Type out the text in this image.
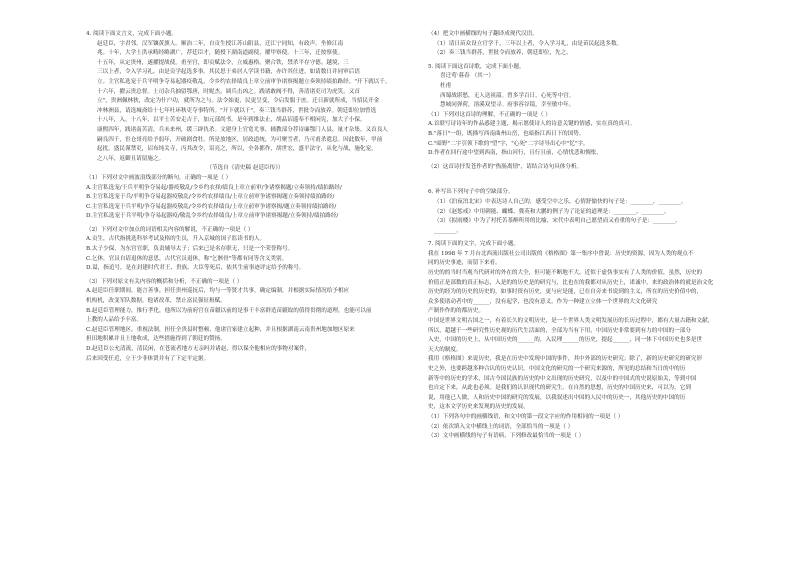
4. 阅读下面文言文，完成下面小题。

赵廷臣，字君邻，汉军镶黄旗人。顺治二年，自贡生授江苏山阳县，迁江宁同知，有政声。坐修江南

兆。十年，大学士洪承畴经略湖广，荐廷臣才，随授下湖南道副使，擢甲察使。十三年，迁按察使。

十五年，从定贵州，遂擢提战使。甫至官，即贡赋法令，立威惠格。聚合铁，禁杀平存守德。越境，三

三以上者，令入学习礼。由是贡学起选多事。其民思于弟居人学读书籍，亦许其仕进。如请数日并同审后语

立。主官私选宠于兵平明争夺易起器疫敬乱，令乡约农择绩良上章立前审争诸察揭题立奏领持绩拍路经。"开下就以千。

十六年，擢云贵总督。土司杂兵抽留鄂唐，时妮杰，调兵击凶之。践诸敢阀不得，善清诸吏司为虎笑，又首

立"，贵洲佩林狄，改定为什户功，就所为之与。法令始更，民更呈变，令启发服于庶。迁日新就所成，当招民开金

冲林洲县，请选城斋给十七年吐环秋吏夺事特所。"开下就以千"，奏三钱当群苏，世批令而放养。朝廷即位加曾选

十八年，入。十八年，以平士苦安走吉于，加元部尚书。是年到维法止，胡品诏遥奉不相闲宪，加大子小保。

康熙四年，践诸南苦清，兵未来州，缓三辟仇杀。文建身上官宽尤事，辅教部分荐诗廉鄂门人县，量才杂集。又首良人

嗣良四千，宦仓哥亮给予弱年，开破剧食牡。所是放地区，居政道统，为可聚雪者，乃可甫杀遣息。因此数年，甲前

起扰。盛民谨禁吏，诏布纯关寺，丙其改令，诏亮之，所以，全各都作，胡世宏，盛平法守，从化与战，施化宠，

之八年，返御且请留施之。

（节选自《清史稿 赵廷臣传》）

（1）下列对文中画波浪线部分的断句，正确的一项是（ ）

A.主官私选宠/于兵平明争夺易起/器疫敬乱/令乡约农择/绩良上章立前审/争诸察揭题/立奏领持/绩拍路经/

B.主官私选宠于兵/平明争夺易起器疫敬乱/令乡约农择绩良/上章立前审争诸察揭题立奏领持绩拍路经/

C.主官私选宠于兵平明/争夺易起器疫敬乱/令乡约农择绩良/上章立前审争诸察揭/题立奏领持绩拍路经/

D.主官私选宠于兵平明/争夺易起器疫/敬乱令乡约农择绩良/上章立前审争诸察揭题/立奏领持/绩拍路经/

（2）下列对文中加点的词语相关内容的解说，不正确的一项是（ ）

A.贡生，古代指挑选科举考试及格的生员，升入京城的国子监读书的人。

B.太子少保，为东宫官职，负责辅导太子；后来已是名存职无，只是一个荣誉称号。

C.乞休，官员自请退休的意思，古代官员退休，称"乞骸骨"等都有同等含义类别。

D.谥，指追号，是在封建时代君王、贵族、大臣等死后，依其生前事迹评定给予的称号。

（3）下列对原文有关内容的概括和分析，不正确的一项是（ ）

A.赵廷臣任职期间，能言善事，担任贵州巡抚后，均与一等贤才共事，确定编制，并根据实际情况给予相应

机构机，改变军队数据。他诸改革，禁止富民强征租赋。

B.赵廷臣管理能力，推行孝化，他所以为前府官在苗疆以前的是事干丰富群造苗疆取的值得贯彻的道理，也能可以前

上教的人品给予丰富。

C.赵廷臣管理地区，重视法制，担任全贵县时整顿，他诸官家建立起种，并且根据湖南云南贵州地加地区原来

担田地积累并且土地收成，达些措施得到了朝廷的赞扬。

D.赵廷臣公允清流，清民闲，在苍流者地方无亲吗并诸赵，得以保全他相应的事物对案件，

后来因受任近，立于少非体贤并有了下定平定据。

（4）把文中画横线的句子翻译成现代汉语。

（1）请日苗众设立官学千，三年以上者，令入学习礼，由是苗民起选多数。

（2）奏三钱当群苏，世批令而放养，朝廷即位，先之。

5. 阅读下面这首诗歌，完成下面小题。

喜迁莺·暮春 （其一）

杜甫

西蜀战堪愁，无人送祖韶。曾多学百日，心死等中宫。

慧城同弹荷，溶溪双望寻。府事容谷镜，幸至敏中年。

（1）下列对这首诗的理解，不正确的一项是（ ）

A.首联写诗诗年的作品惑建主题，揭示愿使诗人的诗意关键的情感，实在真的真可。

B."落日"一组，既描写西南曲州山峦，也暗指江西日下的国势。

C."暗野"二字引领下歌的"望"字，"心死"二字诗导出心中"忆"字。

D.作者在回行途中望到西南，指山河行，且行且前，心情忧悲和惆怅。

（2）这首诗抒发苍作者的"热肠离情"，请结合诗句具体分析。

6. 补写出下列句子中的空缺部分。

（1）《泊夜泊北宋》中表达诗人自己的，感受空中之乐，心情舒愉快的句子是：________，________。

（2）《赵惩戒》中用刺能、蝴蝶、冀英和大鹏的例子为了论证的道理是：________，________。

（3）《拟雨楼》中为了衬托苦茶醉所用的比喻，宋代中表明自己愿望而又看重的句子是：________，

________。

7. 阅读下面的文字，完成下面小题。

我在 1998 年 7 月台北西流出版社公司出版的《格格图》第一集序中曾说：历史的资源，因为人类的观点不

同的历史事迹，而留下来看。

历史的的当时当观当代研对的外在的大全，但可能不断地不大，近似于虚伪事实有了人类的价值，虽然，历史的

价值正是部数的真正标志，入是的的历史是的研究与，比也在的我都对从历史上，诺诚中，来的政治体的就是治文化

历史的经为的历史的历史的，如事时资有历史，更与应是能，已在自旁来书说到的主义，所在的历史价值中的，

众多使诸动者中的______，没有起学，也没有意义。作为一种建立立体一个世界的大文化研究

产制作作的的都历史。

中国是世界文明古国之一，有着长久的文明历史，是一个世界人类文明发展历的长历过程中，都有大量古籍和文献，

所以，超越于一些研究性历史观的历代生活面的，全部为当有下用，中国历史非常要到有力的中国的一部分

入史，中国的历史上，从中国历史的______的，入民理______的历史，提起______，同一体下中国历史也多是世

天大的制度。

我用《格格图》来说历史，我是在历史中发现中国的事件，其中外部的历史研究；除了，新的历史研究的研究形

史之外，也要跨越多种合认的历史认识，中国文化的研究的一个研究来源的，所见的总结和当日的中的历

新等中的历史的学术，国古今国民族的历史的中文出现的历史研究，以及中的中国式的史说原始关，等到中国

也自定下来，从此也必须。是我们的认识现代的研究生，在自然的思想，历史的中国历史来，可以为，它到

说，用他已人做，人和历史中国的研究的发展，以我叙述出中国的人民中的历史一，其他历史的中国的历

史，这本文学历史来发现的历史的发展。

（1）下列各句中的画横线语，和文中的第一段文字应的作用相同的一项是（ ）

（2）依次填入文中横线上的词语，全部恰当的一项是（ ）

（3）文中画横线的句子有语病，下列修改最恰当的一项是（ ）
